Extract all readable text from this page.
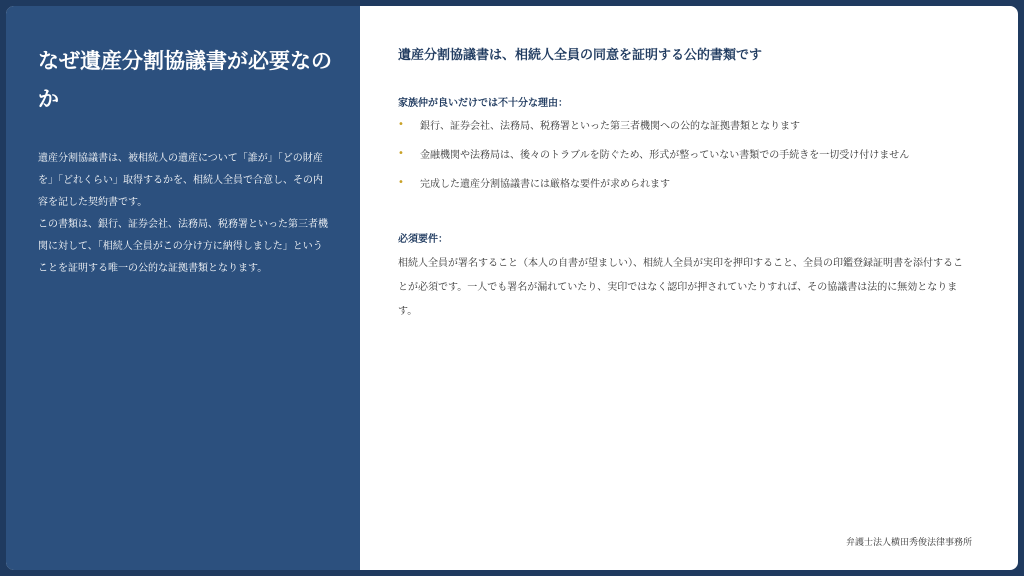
なぜ遺産分割協議書が必要なのか

遺産分割協議書は、被相続人の遺産について「誰が」「どの財産を」「どれくらい」取得するかを、相続人全員で合意し、その内容を記した契約書です。

この書類は、銀行、証券会社、法務局、税務署といった第三者機関に対して、「相続人全員がこの分け方に納得しました」ということを証明する唯一の公的な証拠書類となります。

遺産分割協議書は、相続人全員の同意を証明する公的書類です

家族仲が良いだけでは不十分な理由：

• 銀行、証券会社、法務局、税務署といった第三者機関への公的な証拠書類となります
• 金融機関や法務局は、後々のトラブルを防ぐため、形式が整っていない書類での手続きを一切受け付けません
• 完成した遺産分割協議書には厳格な要件が求められます

必須要件：

相続人全員が署名すること（本人の自書が望ましい）、相続人全員が実印を押印すること、全員の印鑑登録証明書を添付することが必須です。一人でも署名が漏れていたり、実印ではなく認印が押されていたりすれば、その協議書は法的に無効となります。

弁護士法人横田秀俊法律事務所
